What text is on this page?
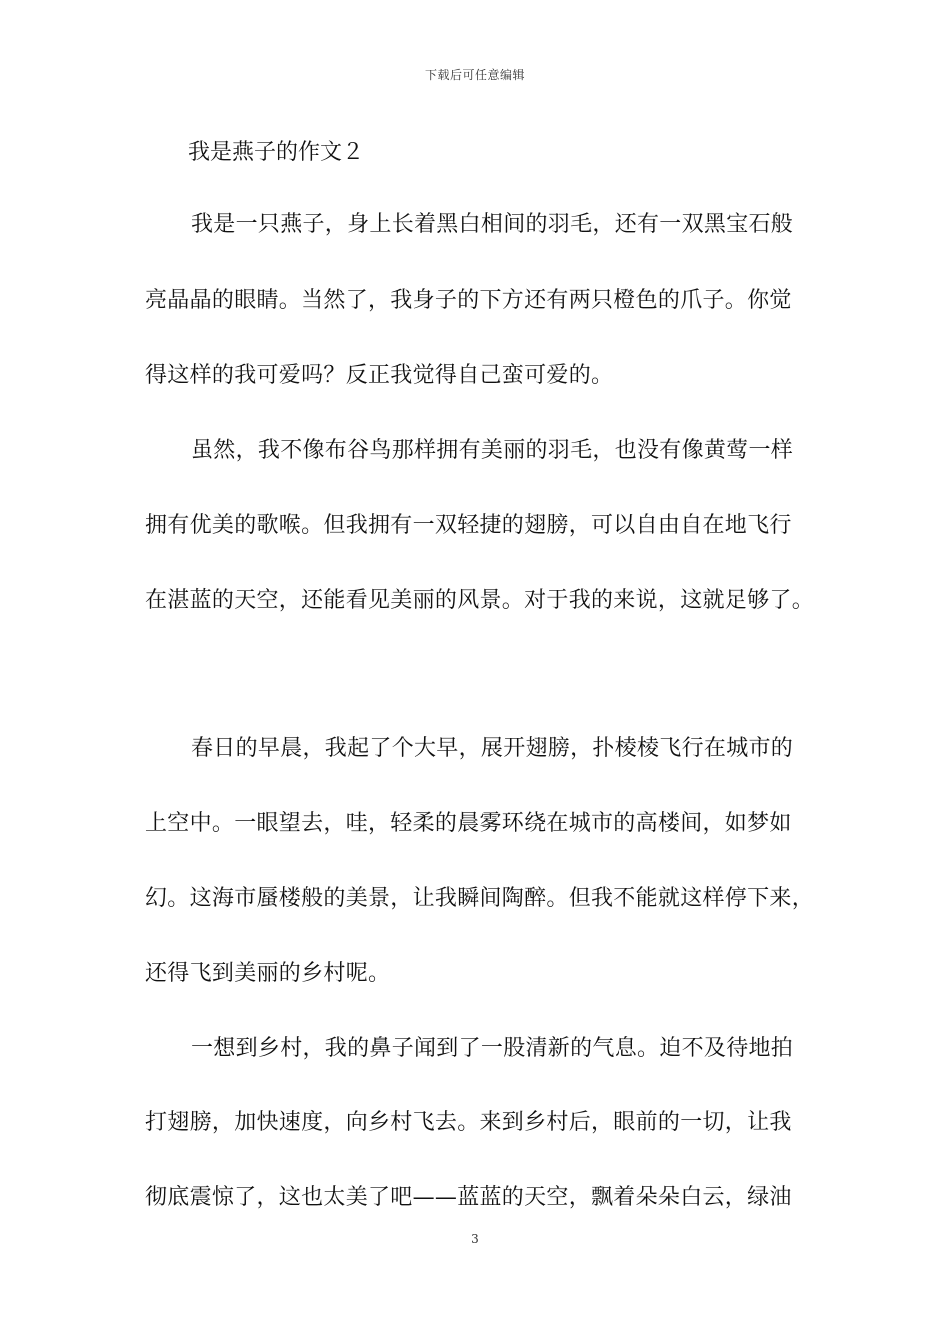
下载后可任意编辑
我是燕子的作文２
我是一只燕子，身上长着黑白相间的羽毛，还有一双黑宝石般
亮晶晶的眼睛。当然了，我身子的下方还有两只橙色的爪子。你觉
得这样的我可爱吗？反正我觉得自己蛮可爱的。
虽然，我不像布谷鸟那样拥有美丽的羽毛，也没有像黄莺一样
拥有优美的歌喉。但我拥有一双轻捷的翅膀，可以自由自在地飞行
在湛蓝的天空，还能看见美丽的风景。对于我的来说，这就足够了。
春日的早晨，我起了个大早，展开翅膀，扑棱棱飞行在城市的
上空中。一眼望去，哇，轻柔的晨雾环绕在城市的高楼间，如梦如
幻。这海市蜃楼般的美景，让我瞬间陶醉。但我不能就这样停下来，
还得飞到美丽的乡村呢。
一想到乡村，我的鼻子闻到了一股清新的气息。迫不及待地拍
打翅膀，加快速度，向乡村飞去。来到乡村后，眼前的一切，让我
彻底震惊了，这也太美了吧——蓝蓝的天空，飘着朵朵白云，绿油
3
